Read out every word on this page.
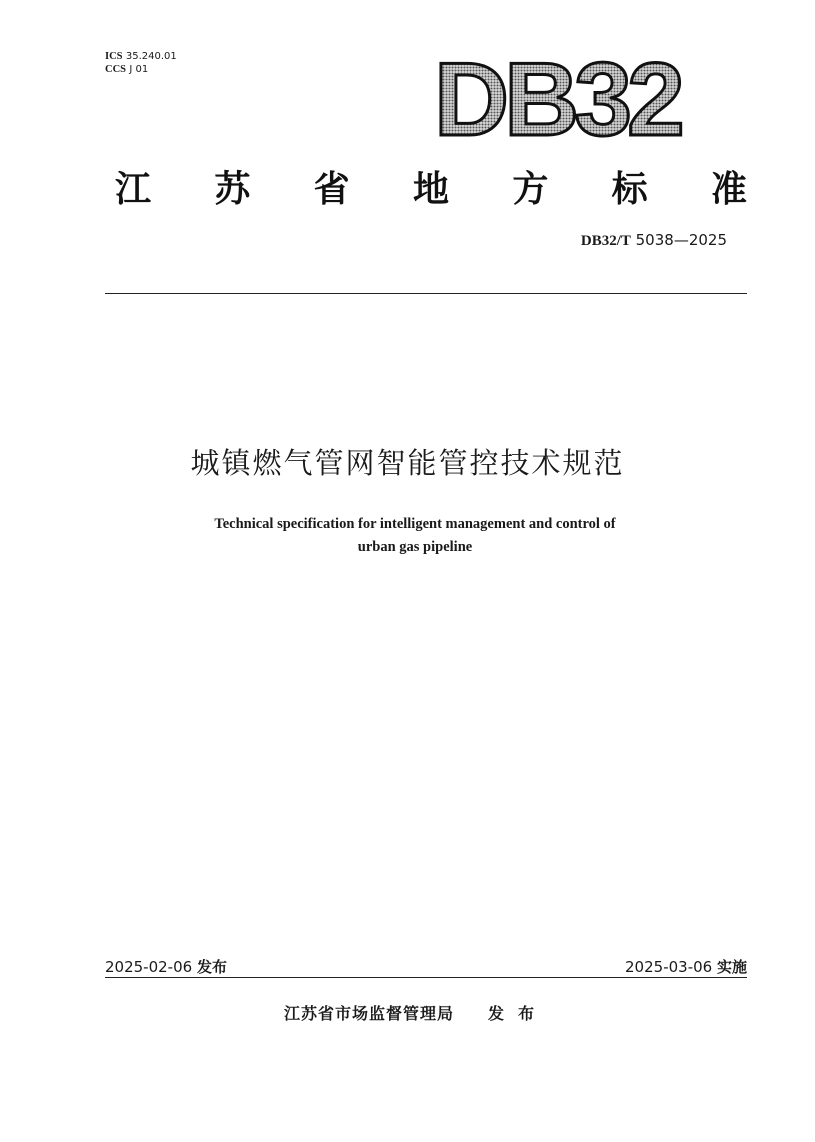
ICS 35.240.01
CCS J 01	DB32
江 苏 省 地 方 标 准
DB32/T 5038—2025
城镇燃气管网智能管控技术规范
Technical specification for intelligent management and control of
urban gas pipeline
2025-02-06 发布	2025-03-06 实施
江苏省市场监督管理局 发布
